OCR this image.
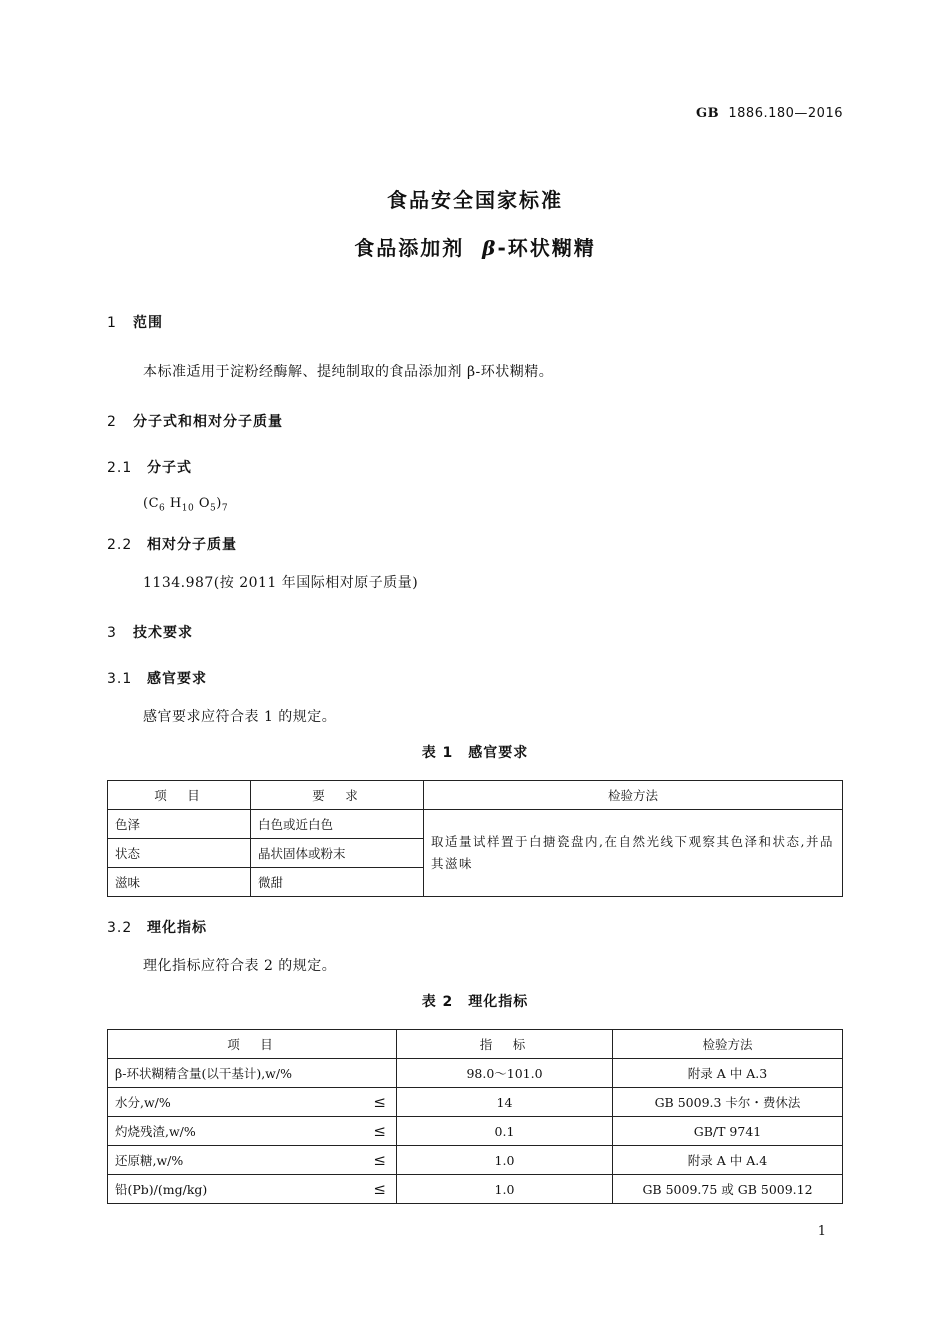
GB 1886.180—2016
食品安全国家标准
食品添加剂 β-环状糊精
1 范围
本标准适用于淀粉经酶解、提纯制取的食品添加剂 β-环状糊精。
2 分子式和相对分子质量
2.1 分子式
($C_6$ $H_{10}$ $O_5)_7$
2.2 相对分子质量
1134.987(按 2011 年国际相对原子质量)
3 技术要求
3.1 感官要求
感官要求应符合表 1 的规定。
表 1　感官要求
项　目	要　求	检验方法
色泽	白色或近白色	取适量试样置于白搪瓷盘内,在自然光线下观察其色泽和状态,并品其滋味
状态	晶状固体或粉末	
滋味	微甜	
3.2 理化指标
理化指标应符合表 2 的规定。
表 2　理化指标
项　目	指　标	检验方法
β-环状糊精含量(以干基计),w/%	98.0～101.0	附录 A 中 A.3
水分,w/% ≤	14	GB 5009.3 卡尔・费休法
灼烧残渣,w/% ≤	0.1	GB/T 9741
还原糖,w/% ≤	1.0	附录 A 中 A.4
铅(Pb)/(mg/kg) ≤	1.0	GB 5009.75 或 GB 5009.12
1
